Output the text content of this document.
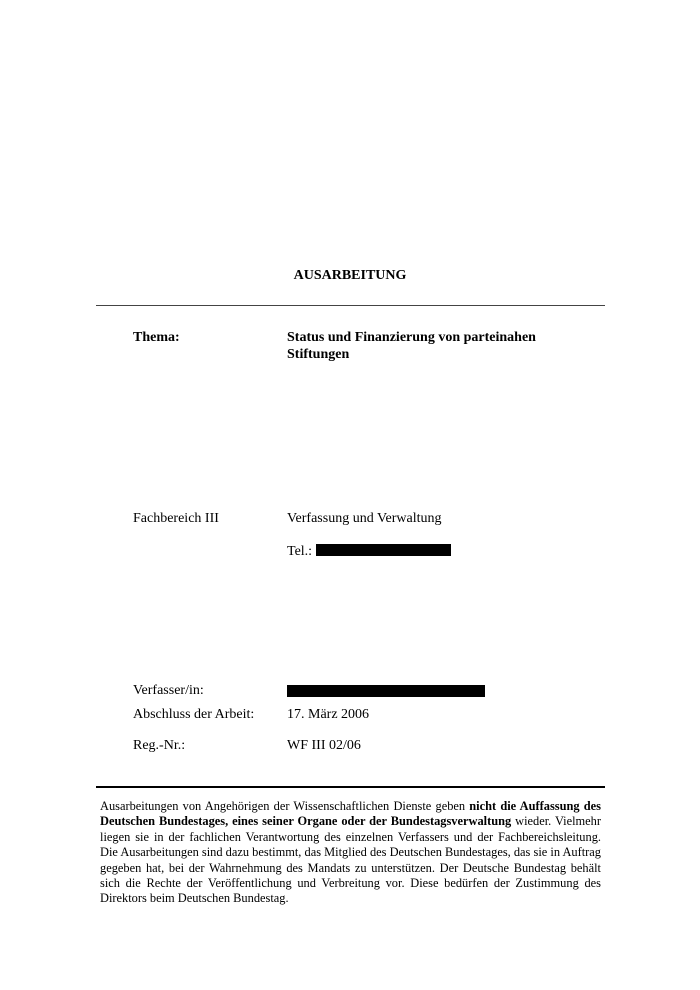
AUSARBEITUNG
Thema:	Status und Finanzierung von parteinahen
Stiftungen
Fachbereich III	Verfassung und Verwaltung
Tel.:
Verfasser/in:
Abschluss der Arbeit: 17. März 2006
Reg.-Nr.:	WF III 02/06
Ausarbeitungen von Angehörigen der Wissenschaftlichen Dienste geben nicht die Auffassung des Deutschen Bundestages, eines seiner Organe oder der Bundestagsverwaltung wieder. Vielmehr liegen sie in der fachlichen Verantwortung des einzelnen Verfassers und der Fachbereichsleitung. Die Ausarbeitungen sind dazu bestimmt, das Mitglied des Deutschen Bundestages, das sie in Auftrag gegeben hat, bei der Wahrnehmung des Mandats zu unterstützen. Der Deutsche Bundestag behält sich die Rechte der Veröffentlichung und Verbreitung vor. Diese bedürfen der Zustimmung des Direktors beim Deutschen Bundestag.
